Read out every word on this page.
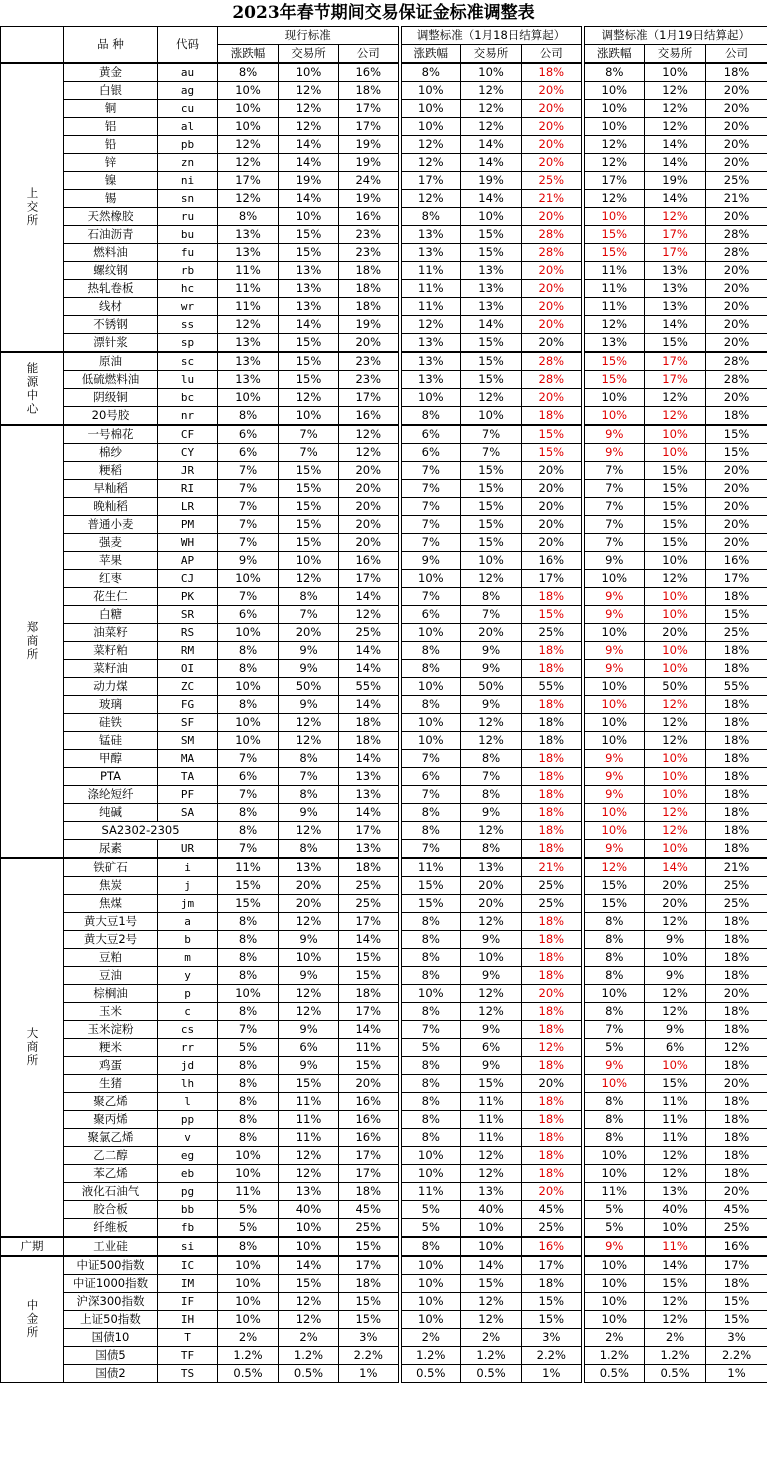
2023年春节期间交易保证金标准调整表
	品 种	代码	现行标准			调整标准（1月18日结算起）			调整标准（1月19日结算起）		
			涨跌幅	交易所	公司	涨跌幅	交易所	公司	涨跌幅	交易所	公司
上交所	黄金	au	8%	10%	16%	8%	10%	18%	8%	10%	18%
	白银	ag	10%	12%	18%	10%	12%	20%	10%	12%	20%
	铜	cu	10%	12%	17%	10%	12%	20%	10%	12%	20%
	铝	al	10%	12%	17%	10%	12%	20%	10%	12%	20%
	铅	pb	12%	14%	19%	12%	14%	20%	12%	14%	20%
	锌	zn	12%	14%	19%	12%	14%	20%	12%	14%	20%
	镍	ni	17%	19%	24%	17%	19%	25%	17%	19%	25%
	锡	sn	12%	14%	19%	12%	14%	21%	12%	14%	21%
	天然橡胶	ru	8%	10%	16%	8%	10%	20%	10%	12%	20%
	石油沥青	bu	13%	15%	23%	13%	15%	28%	15%	17%	28%
	燃料油	fu	13%	15%	23%	13%	15%	28%	15%	17%	28%
	螺纹钢	rb	11%	13%	18%	11%	13%	20%	11%	13%	20%
	热轧卷板	hc	11%	13%	18%	11%	13%	20%	11%	13%	20%
	线材	wr	11%	13%	18%	11%	13%	20%	11%	13%	20%
	不锈钢	ss	12%	14%	19%	12%	14%	20%	12%	14%	20%
	漂针浆	sp	13%	15%	20%	13%	15%	20%	13%	15%	20%
能源中心	原油	sc	13%	15%	23%	13%	15%	28%	15%	17%	28%
	低硫燃料油	lu	13%	15%	23%	13%	15%	28%	15%	17%	28%
	阴级铜	bc	10%	12%	17%	10%	12%	20%	10%	12%	20%
	20号胶	nr	8%	10%	16%	8%	10%	18%	10%	12%	18%
郑商所	一号棉花	CF	6%	7%	12%	6%	7%	15%	9%	10%	15%
	棉纱	CY	6%	7%	12%	6%	7%	15%	9%	10%	15%
	粳稻	JR	7%	15%	20%	7%	15%	20%	7%	15%	20%
	早籼稻	RI	7%	15%	20%	7%	15%	20%	7%	15%	20%
	晚籼稻	LR	7%	15%	20%	7%	15%	20%	7%	15%	20%
	普通小麦	PM	7%	15%	20%	7%	15%	20%	7%	15%	20%
	强麦	WH	7%	15%	20%	7%	15%	20%	7%	15%	20%
	苹果	AP	9%	10%	16%	9%	10%	16%	9%	10%	16%
	红枣	CJ	10%	12%	17%	10%	12%	17%	10%	12%	17%
	花生仁	PK	7%	8%	14%	7%	8%	18%	9%	10%	18%
	白糖	SR	6%	7%	12%	6%	7%	15%	9%	10%	15%
	油菜籽	RS	10%	20%	25%	10%	20%	25%	10%	20%	25%
	菜籽粕	RM	8%	9%	14%	8%	9%	18%	9%	10%	18%
	菜籽油	OI	8%	9%	14%	8%	9%	18%	9%	10%	18%
	动力煤	ZC	10%	50%	55%	10%	50%	55%	10%	50%	55%
	玻璃	FG	8%	9%	14%	8%	9%	18%	10%	12%	18%
	硅铁	SF	10%	12%	18%	10%	12%	18%	10%	12%	18%
	锰硅	SM	10%	12%	18%	10%	12%	18%	10%	12%	18%
	甲醇	MA	7%	8%	14%	7%	8%	18%	9%	10%	18%
	PTA	TA	6%	7%	13%	6%	7%	18%	9%	10%	18%
	涤纶短纤	PF	7%	8%	13%	7%	8%	18%	9%	10%	18%
	纯碱	SA	8%	9%	14%	8%	9%	18%	10%	12%	18%
	SA2302-2305		8%	12%	17%	8%	12%	18%	10%	12%	18%
	尿素	UR	7%	8%	13%	7%	8%	18%	9%	10%	18%
大商所	铁矿石	i	11%	13%	18%	11%	13%	21%	12%	14%	21%
	焦炭	j	15%	20%	25%	15%	20%	25%	15%	20%	25%
	焦煤	jm	15%	20%	25%	15%	20%	25%	15%	20%	25%
	黄大豆1号	a	8%	12%	17%	8%	12%	18%	8%	12%	18%
	黄大豆2号	b	8%	9%	14%	8%	9%	18%	8%	9%	18%
	豆粕	m	8%	10%	15%	8%	10%	18%	8%	10%	18%
	豆油	y	8%	9%	15%	8%	9%	18%	8%	9%	18%
	棕榈油	p	10%	12%	18%	10%	12%	20%	10%	12%	20%
	玉米	c	8%	12%	17%	8%	12%	18%	8%	12%	18%
	玉米淀粉	cs	7%	9%	14%	7%	9%	18%	7%	9%	18%
	粳米	rr	5%	6%	11%	5%	6%	12%	5%	6%	12%
	鸡蛋	jd	8%	9%	15%	8%	9%	18%	9%	10%	18%
	生猪	lh	8%	15%	20%	8%	15%	20%	10%	15%	20%
	聚乙烯	l	8%	11%	16%	8%	11%	18%	8%	11%	18%
	聚丙烯	pp	8%	11%	16%	8%	11%	18%	8%	11%	18%
	聚氯乙烯	v	8%	11%	16%	8%	11%	18%	8%	11%	18%
	乙二醇	eg	10%	12%	17%	10%	12%	18%	10%	12%	18%
	苯乙烯	eb	10%	12%	17%	10%	12%	18%	10%	12%	18%
	液化石油气	pg	11%	13%	18%	11%	13%	20%	11%	13%	20%
	胶合板	bb	5%	40%	45%	5%	40%	45%	5%	40%	45%
	纤维板	fb	5%	10%	25%	5%	10%	25%	5%	10%	25%
广期	工业硅	si	8%	10%	15%	8%	10%	16%	9%	11%	16%
中金所	中证500指数	IC	10%	14%	17%	10%	14%	17%	10%	14%	17%
	中证1000指数	IM	10%	15%	18%	10%	15%	18%	10%	15%	18%
	沪深300指数	IF	10%	12%	15%	10%	12%	15%	10%	12%	15%
	上证50指数	IH	10%	12%	15%	10%	12%	15%	10%	12%	15%
	国债10	T	2%	2%	3%	2%	2%	3%	2%	2%	3%
	国债5	TF	1.2%	1.2%	2.2%	1.2%	1.2%	2.2%	1.2%	1.2%	2.2%
	国债2	TS	0.5%	0.5%	1%	0.5%	0.5%	1%	0.5%	0.5%	1%
